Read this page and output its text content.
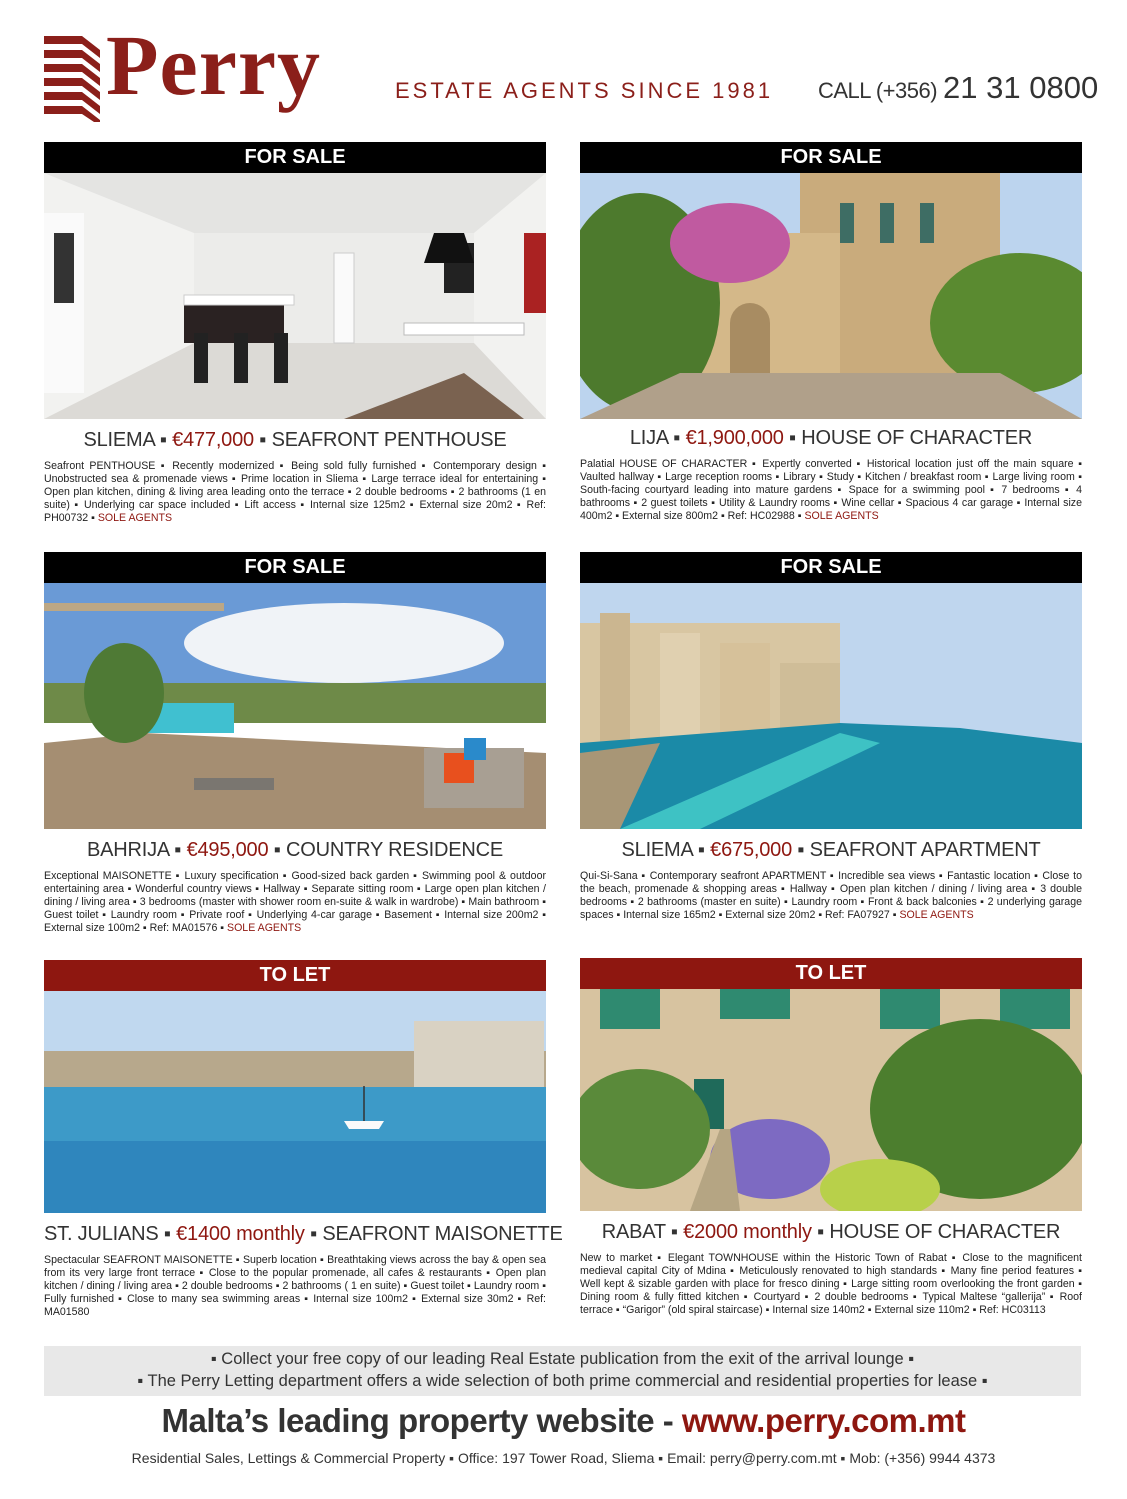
Perry	ESTATE AGENTS SINCE 1981 CALL (+356) 21 31 0800
FOR SALE
SLIEMA ▪ €477,000 ▪ SEAFRONT PENTHOUSE
Seafront PENTHOUSE ▪ Recently modernized ▪ Being sold fully furnished ▪ Contemporary design ▪ Unobstructed sea & promenade views ▪ Prime location in Sliema ▪ Large terrace ideal for entertaining ▪ Open plan kitchen, dining & living area leading onto the terrace ▪ 2 double bedrooms ▪ 2 bathrooms (1 en suite) ▪ Underlying car space included ▪ Lift access ▪ Internal size 125m2 ▪ External size 20m2 ▪ Ref: PH00732 ▪ SOLE AGENTS
FOR SALE
LIJA ▪ €1,900,000 ▪ HOUSE OF CHARACTER
Palatial HOUSE OF CHARACTER ▪ Expertly converted ▪ Historical location just off the main square ▪ Vaulted hallway ▪ Large reception rooms ▪ Library ▪ Study ▪ Kitchen / breakfast room ▪ Large living room ▪ South-facing courtyard leading into mature gardens ▪ Space for a swimming pool ▪ 7 bedrooms ▪ 4 bathrooms ▪ 2 guest toilets ▪ Utility & Laundry rooms ▪ Wine cellar ▪ Spacious 4 car garage ▪ Internal size 400m2 ▪ External size 800m2 ▪ Ref: HC02988 ▪ SOLE AGENTS
FOR SALE
BAHRIJA ▪ €495,000 ▪ COUNTRY RESIDENCE
Exceptional MAISONETTE ▪ Luxury specification ▪ Good-sized back garden ▪ Swimming pool & outdoor entertaining area ▪ Wonderful country views ▪ Hallway ▪ Separate sitting room ▪ Large open plan kitchen / dining / living area ▪ 3 bedrooms (master with shower room en-suite & walk in wardrobe) ▪ Main bathroom ▪ Guest toilet ▪ Laundry room ▪ Private roof ▪ Underlying 4-car garage ▪ Basement ▪ Internal size 200m2 ▪ External size 100m2 ▪ Ref: MA01576 ▪ SOLE AGENTS
FOR SALE
SLIEMA ▪ €675,000 ▪ SEAFRONT APARTMENT
Qui-Si-Sana ▪ Contemporary seafront APARTMENT ▪ Incredible sea views ▪ Fantastic location ▪ Close to the beach, promenade & shopping areas ▪ Hallway ▪ Open plan kitchen / dining / living area ▪ 3 double bedrooms ▪ 2 bathrooms (master en suite) ▪ Laundry room ▪ Front & back balconies ▪ 2 underlying garage spaces ▪ Internal size 165m2 ▪ External size 20m2 ▪ Ref: FA07927 ▪ SOLE AGENTS
TO LET
ST. JULIANS ▪ €1400 monthly ▪ SEAFRONT MAISONETTE
Spectacular SEAFRONT MAISONETTE ▪ Superb location ▪ Breathtaking views across the bay & open sea from its very large front terrace ▪ Close to the popular promenade, all cafes & restaurants ▪ Open plan kitchen / dining / living area ▪ 2 double bedrooms ▪ 2 bathrooms ( 1 en suite) ▪ Guest toilet ▪ Laundry room ▪ Fully furnished ▪ Close to many sea swimming areas ▪ Internal size 100m2 ▪ External size 30m2 ▪ Ref: MA01580
TO LET
RABAT ▪ €2000 monthly ▪ HOUSE OF CHARACTER
New to market ▪ Elegant TOWNHOUSE within the Historic Town of Rabat ▪ Close to the magnificent medieval capital City of Mdina ▪ Meticulously renovated to high standards ▪ Many fine period features ▪ Well kept & sizable garden with place for fresco dining ▪ Large sitting room overlooking the front garden ▪ Dining room & fully fitted kitchen ▪ Courtyard ▪ 2 double bedrooms ▪ Typical Maltese “gallerija” ▪ Roof terrace ▪ “Garigor” (old spiral staircase) ▪ Internal size 140m2 ▪ External size 110m2 ▪ Ref: HC03113
▪ Collect your free copy of our leading Real Estate publication from the exit of the arrival lounge ▪
▪ The Perry Letting department offers a wide selection of both prime commercial and residential properties for lease ▪
Malta’s leading property website - www.perry.com.mt
Residential Sales, Lettings & Commercial Property ▪ Office: 197 Tower Road, Sliema ▪ Email: perry@perry.com.mt ▪ Mob: (+356) 9944 4373
